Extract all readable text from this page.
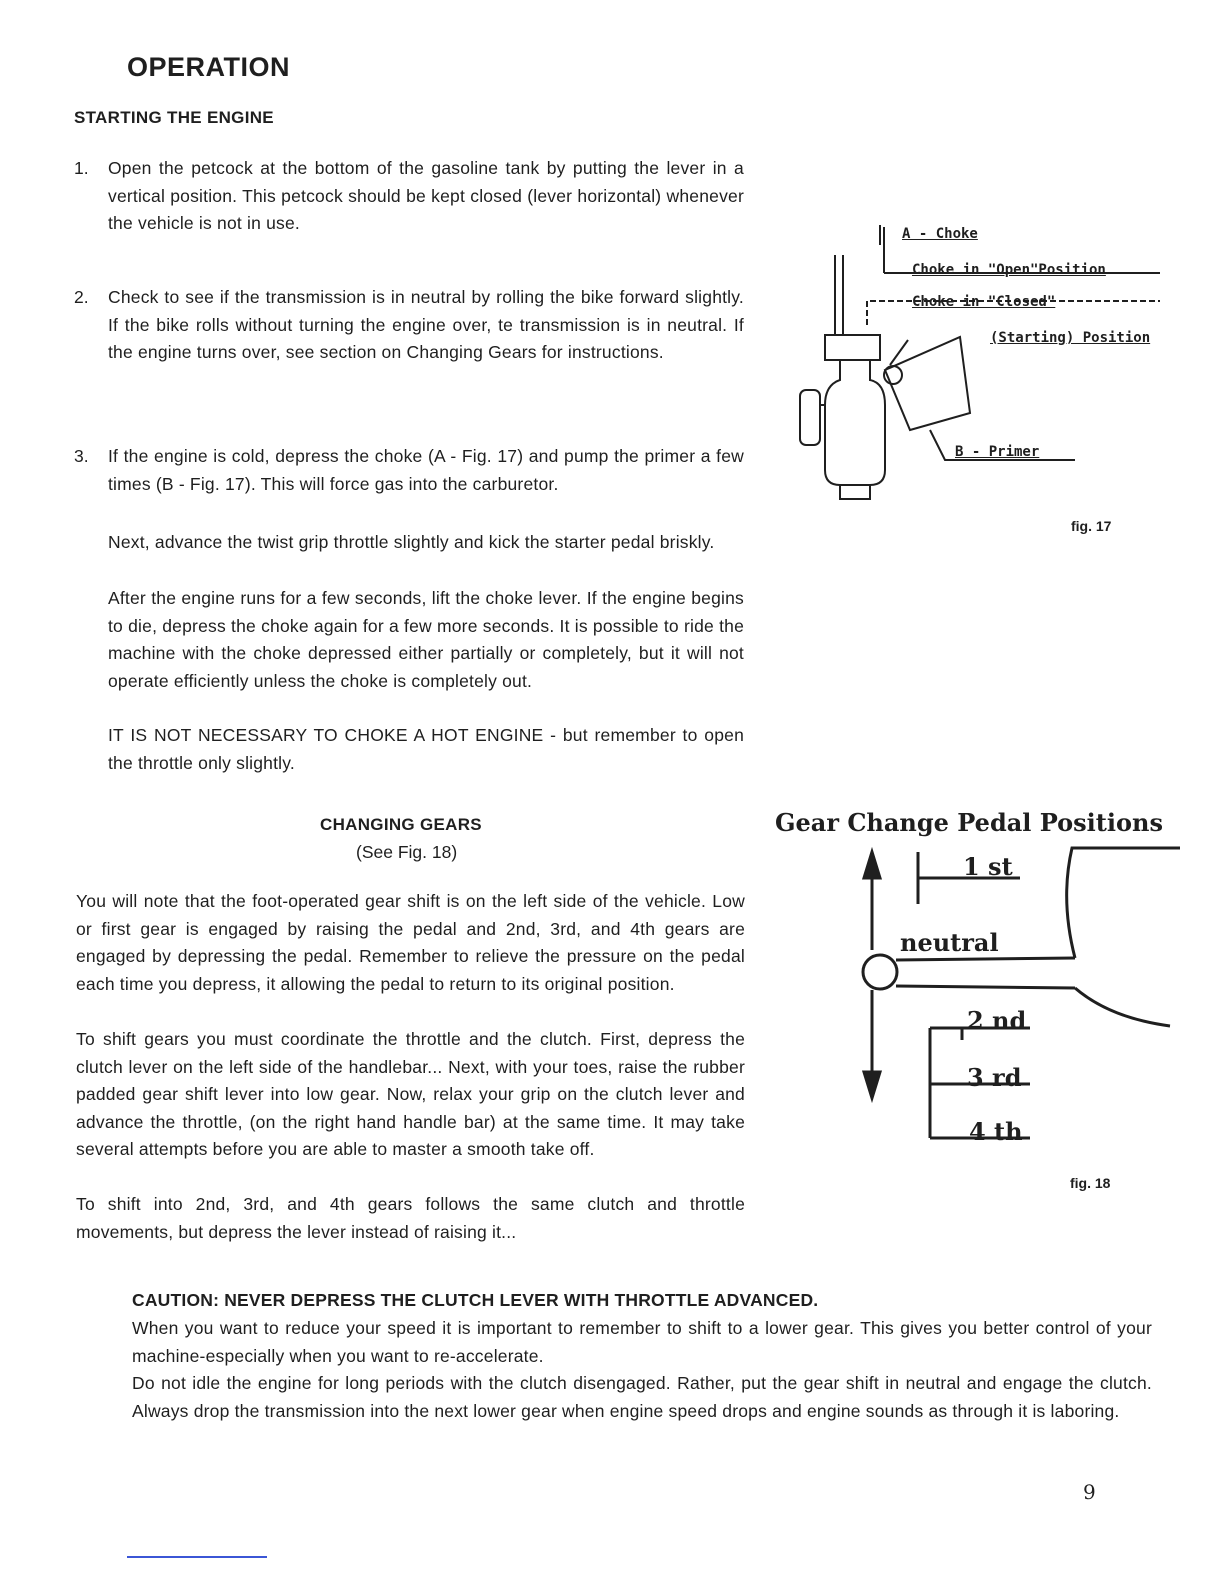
OPERATION
STARTING THE ENGINE
1. Open the petcock at the bottom of the gasoline tank by putting the lever in a vertical position. This petcock should be kept closed (lever horizontal) whenever the vehicle is not in use.
2. Check to see if the transmission is in neutral by rolling the bike forward slightly. If the bike rolls without turning the engine over, te transmission is in neutral. If the engine turns over, see section on Changing Gears for instructions.
3. If the engine is cold, depress the choke (A - Fig. 17) and pump the primer a few times (B - Fig. 17). This will force gas into the carburetor.
Next, advance the twist grip throttle slightly and kick the starter pedal briskly.
After the engine runs for a few seconds, lift the choke lever. If the engine begins to die, depress the choke again for a few more seconds. It is possible to ride the machine with the choke depressed either partially or completely, but it will not operate efficiently unless the choke is completely out.
IT IS NOT NECESSARY TO CHOKE A HOT ENGINE - but remember to open the throttle only slightly.
A - Choke
Choke in "Open"Position
Choke in "Closed"
(Starting) Position
B - Primer
fig. 17
CHANGING GEARS
(See Fig. 18)
You will note that the foot-operated gear shift is on the left side of the vehicle. Low or first gear is engaged by raising the pedal and 2nd, 3rd, and 4th gears are engaged by depressing the pedal. Remember to relieve the pressure on the pedal each time you depress, it allowing the pedal to return to its original position.
To shift gears you must coordinate the throttle and the clutch. First, depress the clutch lever on the left side of the handlebar... Next, with your toes, raise the rubber padded gear shift lever into low gear. Now, relax your grip on the clutch lever and advance the throttle, (on the right hand handle bar) at the same time. It may take several attempts before you are able to master a smooth take off.
To shift into 2nd, 3rd, and 4th gears follows the same clutch and throttle movements, but depress the lever instead of raising it...
Gear Change Pedal Positions
1 st
neutral
2 nd
3 rd
4 th
fig. 18
CAUTION: NEVER DEPRESS THE CLUTCH LEVER WITH THROTTLE ADVANCED.
When you want to reduce your speed it is important to remember to shift to a lower gear. This gives you better control of your machine-especially when you want to re-accelerate.
Do not idle the engine for long periods with the clutch disengaged. Rather, put the gear shift in neutral and engage the clutch. Always drop the transmission into the next lower gear when engine speed drops and engine sounds as through it is laboring.
9
